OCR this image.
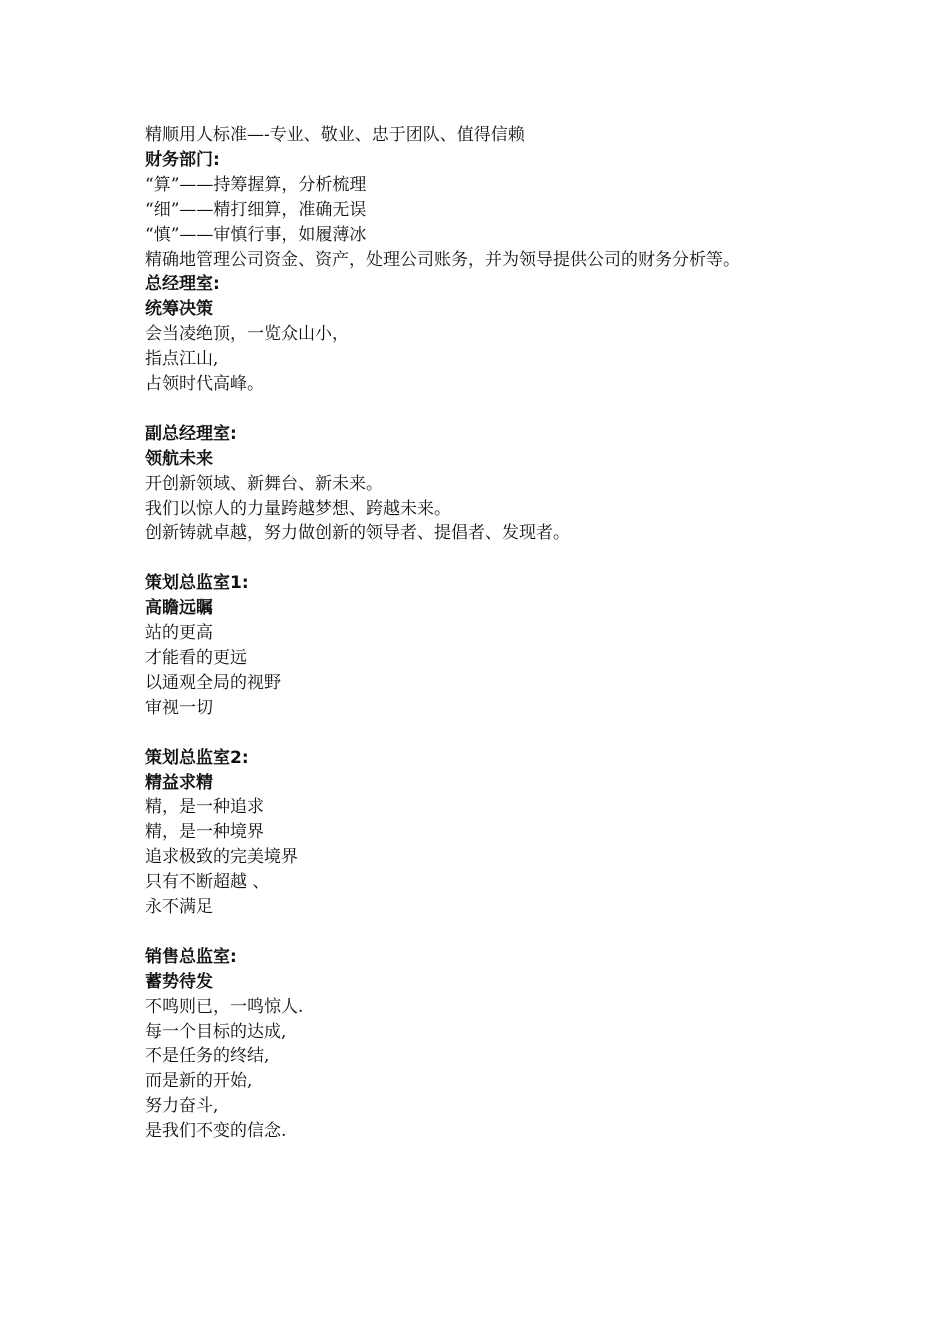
精顺用人标准—-专业、敬业、忠于团队、值得信赖
财务部门:
“算”——持筹握算，分析梳理
“细”——精打细算，准确无误
“慎”——审慎行事，如履薄冰
精确地管理公司资金、资产，处理公司账务，并为领导提供公司的财务分析等。
总经理室:
统筹决策
会当凌绝顶，一览众山小，
指点江山,
占领时代高峰。
副总经理室:
领航未来
开创新领域、新舞台、新未来。
我们以惊人的力量跨越梦想、跨越未来。
创新铸就卓越，努力做创新的领导者、提倡者、发现者。
策划总监室1:
高瞻远瞩
站的更高
才能看的更远
以通观全局的视野
审视一切
策划总监室2:
精益求精
精，是一种追求
精，是一种境界
追求极致的完美境界
只有不断超越 、
永不满足
销售总监室:
蓄势待发
不鸣则已，一鸣惊人.
每一个目标的达成,
不是任务的终结,
而是新的开始,
努力奋斗,
是我们不变的信念.
